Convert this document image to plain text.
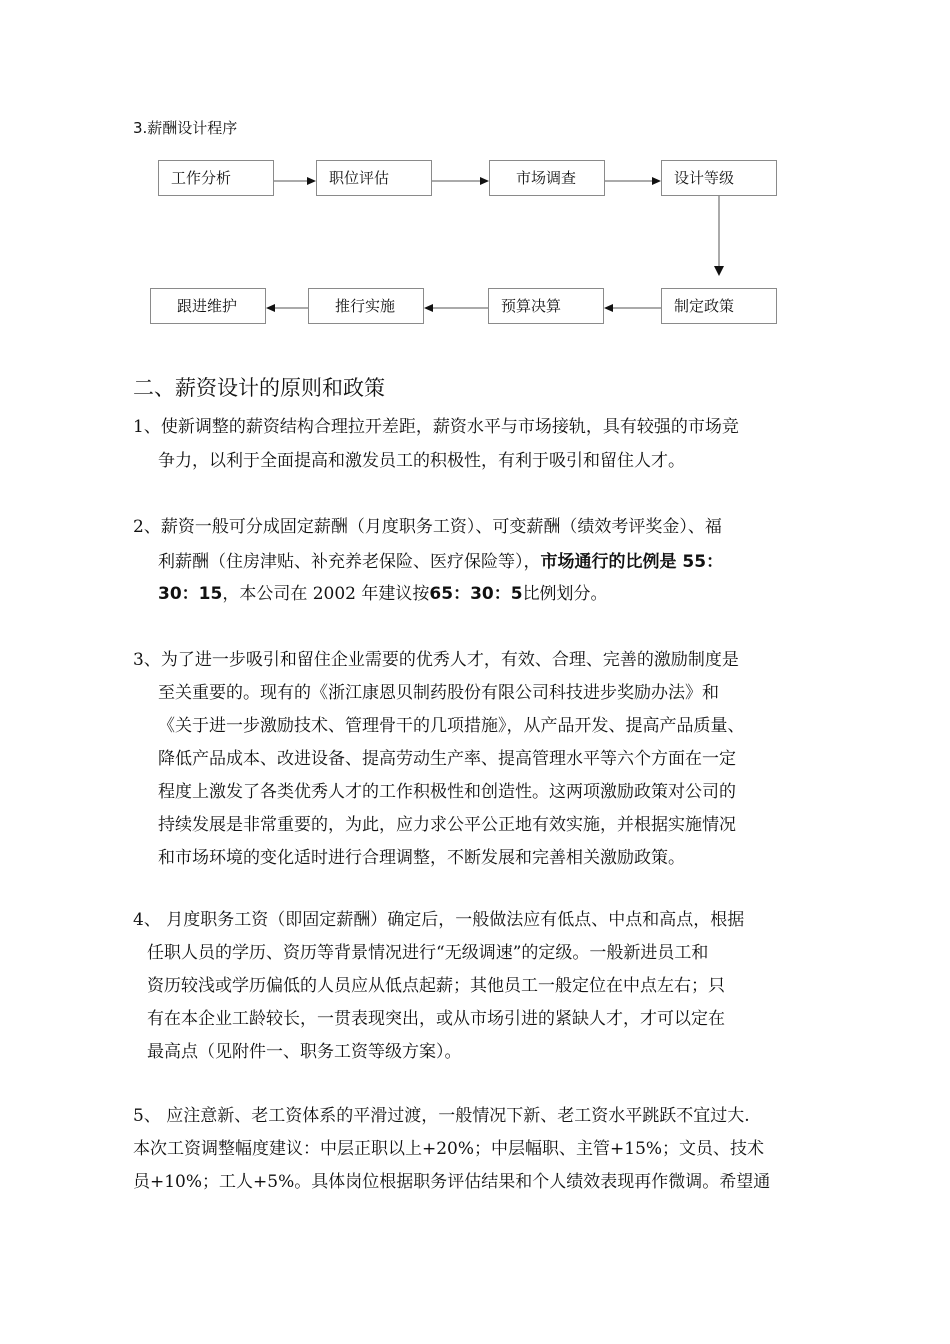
3.薪酬设计程序
工作分析	职位评估	市场调查	设计等级
跟进维护	推行实施	预算决算	制定政策
二、薪资设计的原则和政策
1、使新调整的薪资结构合理拉开差距，薪资水平与市场接轨，具有较强的市场竞
争力，以利于全面提高和激发员工的积极性，有利于吸引和留住人才。
2、薪资一般可分成固定薪酬（月度职务工资）、可变薪酬（绩效考评奖金）、福
利薪酬（住房津贴、补充养老保险、医疗保险等），市场通行的比例是 55：
30：15，本公司在 2002 年建议按65：30：5比例划分。
3、为了进一步吸引和留住企业需要的优秀人才，有效、合理、完善的激励制度是
至关重要的。现有的《浙江康恩贝制药股份有限公司科技进步奖励办法》和
《关于进一步激励技术、管理骨干的几项措施》，从产品开发、提高产品质量、
降低产品成本、改进设备、提高劳动生产率、提高管理水平等六个方面在一定
程度上激发了各类优秀人才的工作积极性和创造性。这两项激励政策对公司的
持续发展是非常重要的，为此，应力求公平公正地有效实施，并根据实施情况
和市场环境的变化适时进行合理调整，不断发展和完善相关激励政策。
4、 月度职务工资（即固定薪酬）确定后，一般做法应有低点、中点和高点，根据
任职人员的学历、资历等背景情况进行“无级调速”的定级。一般新进员工和
资历较浅或学历偏低的人员应从低点起薪；其他员工一般定位在中点左右；只
有在本企业工龄较长，一贯表现突出，或从市场引进的紧缺人才，才可以定在
最高点（见附件一、职务工资等级方案）。
5、 应注意新、老工资体系的平滑过渡，一般情况下新、老工资水平跳跃不宜过大.
本次工资调整幅度建议：中层正职以上+20%；中层幅职、主管+15%；文员、技术
员+10%；工人+5%。具体岗位根据职务评估结果和个人绩效表现再作微调。希望通
